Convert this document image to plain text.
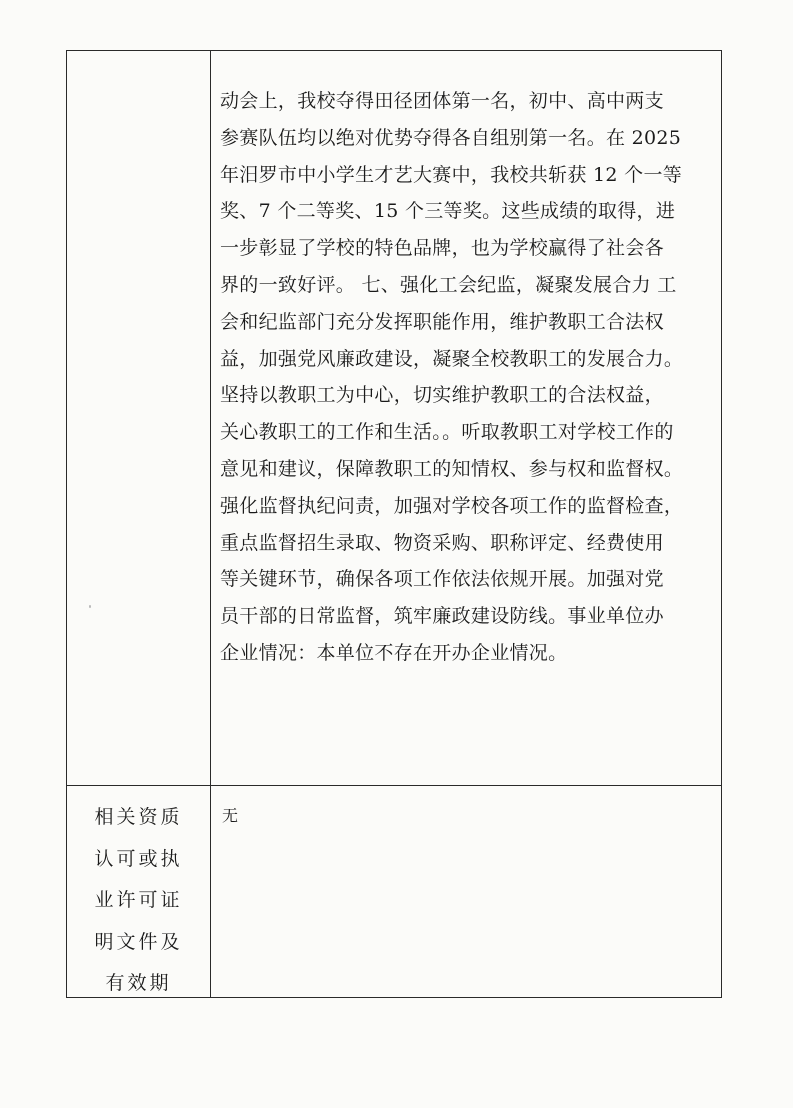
动会上，我校夺得田径团体第一名，初中、高中两支
参赛队伍均以绝对优势夺得各自组别第一名。在 2025
年汨罗市中小学生才艺大赛中，我校共斩获 12 个一等
奖、7 个二等奖、15 个三等奖。这些成绩的取得，进
一步彰显了学校的特色品牌，也为学校赢得了社会各
界的一致好评。 七、强化工会纪监，凝聚发展合力 工
会和纪监部门充分发挥职能作用，维护教职工合法权
益，加强党风廉政建设，凝聚全校教职工的发展合力。
坚持以教职工为中心，切实维护教职工的合法权益，
关心教职工的工作和生活。。听取教职工对学校工作的
意见和建议，保障教职工的知情权、参与权和监督权。
强化监督执纪问责，加强对学校各项工作的监督检查，
重点监督招生录取、物资采购、职称评定、经费使用
等关键环节，确保各项工作依法依规开展。加强对党
员干部的日常监督，筑牢廉政建设防线。事业单位办
企业情况：本单位不存在开办企业情况。
相关资质
认可或执
业许可证
明文件及
有效期
无
